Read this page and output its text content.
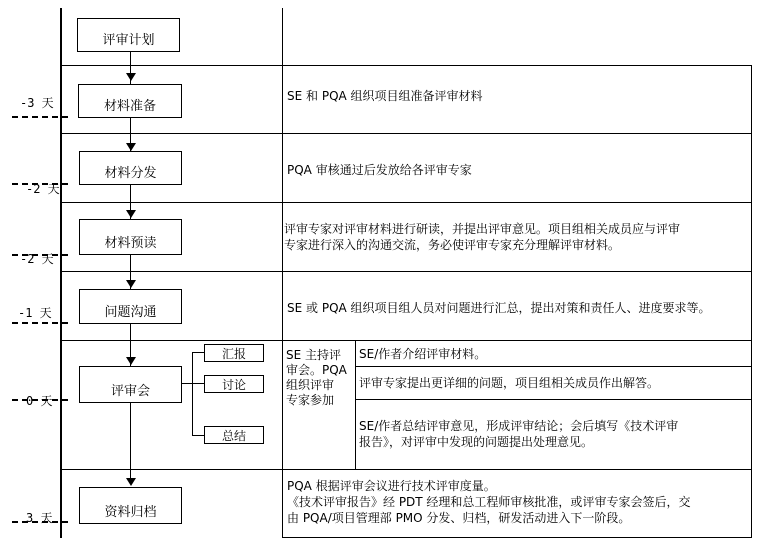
-3 天
-2 天
-2 天
-1 天
0 天
3 天
评审计划
材料准备
材料分发
材料预读
问题沟通
评审会
资料归档
汇报
讨论
总结
SE 和 PQA 组织项目组准备评审材料
PQA 审核通过后发放给各评审专家
评审专家对评审材料进行研读，并提出评审意见。项目组相关成员应与评审
专家进行深入的沟通交流，务必使评审专家充分理解评审材料。
SE 或 PQA 组织项目组人员对问题进行汇总，提出对策和责任人、进度要求等。
PQA 根据评审会议进行技术评审度量。
《技术评审报告》经 PDT 经理和总工程师审核批准，或评审专家会签后，交
由 PQA/项目管理部 PMO 分发、归档，研发活动进入下一阶段。
SE 主持评
审会。PQA
组织评审
专家参加
SE/作者介绍评审材料。
评审专家提出更详细的问题，项目组相关成员作出解答。
SE/作者总结评审意见，形成评审结论；会后填写《技术评审
报告》，对评审中发现的问题提出处理意见。
